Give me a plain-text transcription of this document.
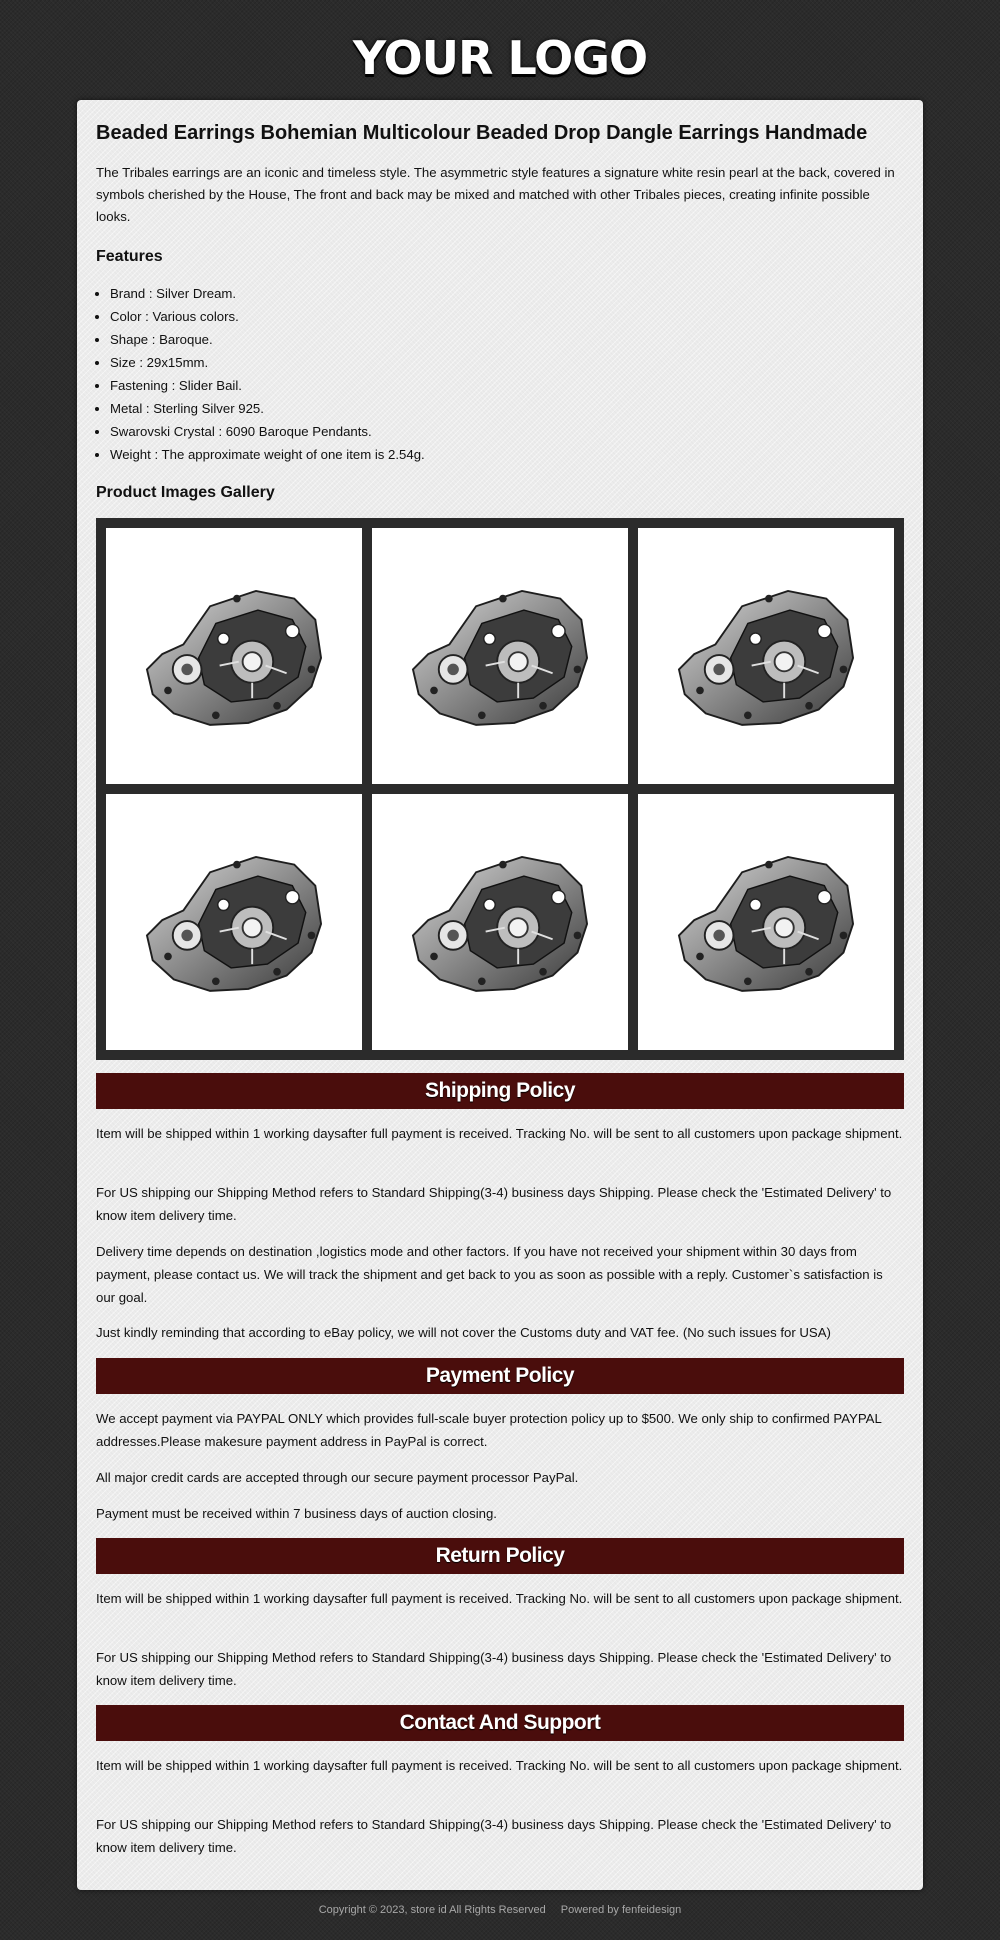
YOUR LOGO
Beaded Earrings Bohemian Multicolour Beaded Drop Dangle Earrings Handmade

The Tribales earrings are an iconic and timeless style. The asymmetric style features a signature white resin pearl at the back, covered in symbols cherished by the House, The front and back may be mixed and matched with other Tribales pieces, creating infinite possible looks.

Features
• Brand : Silver Dream.
• Color : Various colors.
• Shape : Baroque.
• Size : 29x15mm.
• Fastening : Slider Bail.
• Metal : Sterling Silver 925.
• Swarovski Crystal : 6090 Baroque Pendants.
• Weight : The approximate weight of one item is 2.54g.
Product Images Gallery
Shipping Policy

Item will be shipped within 1 working daysafter full payment is received. Tracking No. will be sent to all customers upon package shipment.

For US shipping our Shipping Method refers to Standard Shipping(3-4) business days Shipping. Please check the 'Estimated Delivery' to know item delivery time.

Delivery time depends on destination ,logistics mode and other factors. If you have not received your shipment within 30 days from payment, please contact us. We will track the shipment and get back to you as soon as possible with a reply. Customer`s satisfaction is our goal.

Just kindly reminding that according to eBay policy, we will not cover the Customs duty and VAT fee. (No such issues for USA)

Payment Policy

We accept payment via PAYPAL ONLY which provides full-scale buyer protection policy up to $500. We only ship to confirmed PAYPAL addresses.Please makesure payment address in PayPal is correct.

All major credit cards are accepted through our secure payment processor PayPal.

Payment must be received within 7 business days of auction closing.

Return Policy

Item will be shipped within 1 working daysafter full payment is received. Tracking No. will be sent to all customers upon package shipment.

For US shipping our Shipping Method refers to Standard Shipping(3-4) business days Shipping. Please check the 'Estimated Delivery' to know item delivery time.

Contact And Support

Item will be shipped within 1 working daysafter full payment is received. Tracking No. will be sent to all customers upon package shipment.

For US shipping our Shipping Method refers to Standard Shipping(3-4) business days Shipping. Please check the 'Estimated Delivery' to know item delivery time.

Copyright © 2023, store id All Rights Reserved Powered by fenfeidesign
